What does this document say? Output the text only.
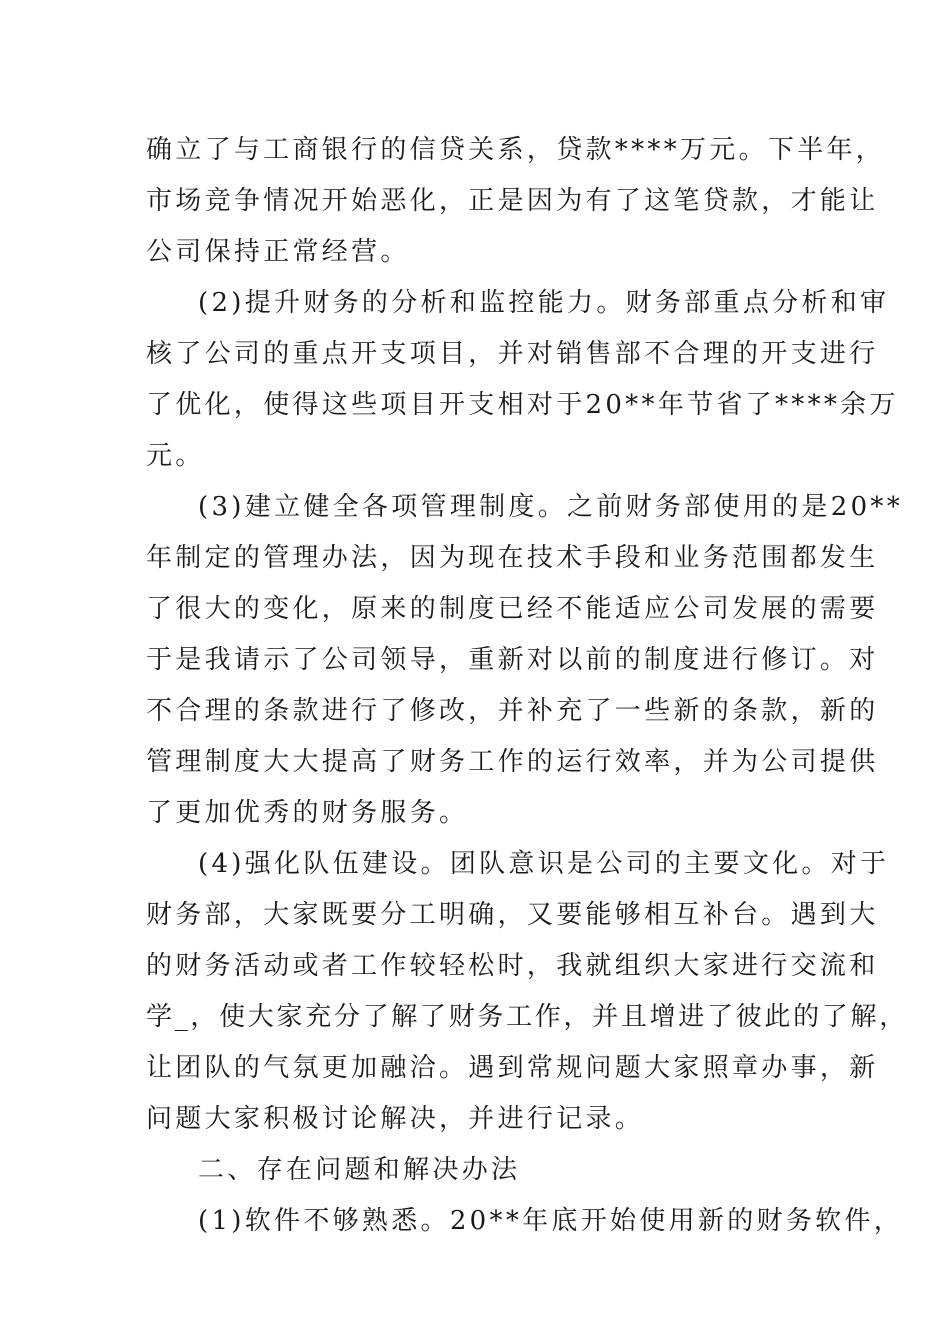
确立了与工商银行的信贷关系，贷款****万元。下半年，
市场竞争情况开始恶化，正是因为有了这笔贷款，才能让
公司保持正常经营。
(2)提升财务的分析和监控能力。财务部重点分析和审
核了公司的重点开支项目，并对销售部不合理的开支进行
了优化，使得这些项目开支相对于20**年节省了****余万
元。
(3)建立健全各项管理制度。之前财务部使用的是20**
年制定的管理办法，因为现在技术手段和业务范围都发生
了很大的变化，原来的制度已经不能适应公司发展的需要
于是我请示了公司领导，重新对以前的制度进行修订。对
不合理的条款进行了修改，并补充了一些新的条款，新的
管理制度大大提高了财务工作的运行效率，并为公司提供
了更加优秀的财务服务。
(4)强化队伍建设。团队意识是公司的主要文化。对于
财务部，大家既要分工明确，又要能够相互补台。遇到大
的财务活动或者工作较轻松时，我就组织大家进行交流和
学_，使大家充分了解了财务工作，并且增进了彼此的了解，
让团队的气氛更加融洽。遇到常规问题大家照章办事，新
问题大家积极讨论解决，并进行记录。
二、存在问题和解决办法
(1)软件不够熟悉。20**年底开始使用新的财务软件，
